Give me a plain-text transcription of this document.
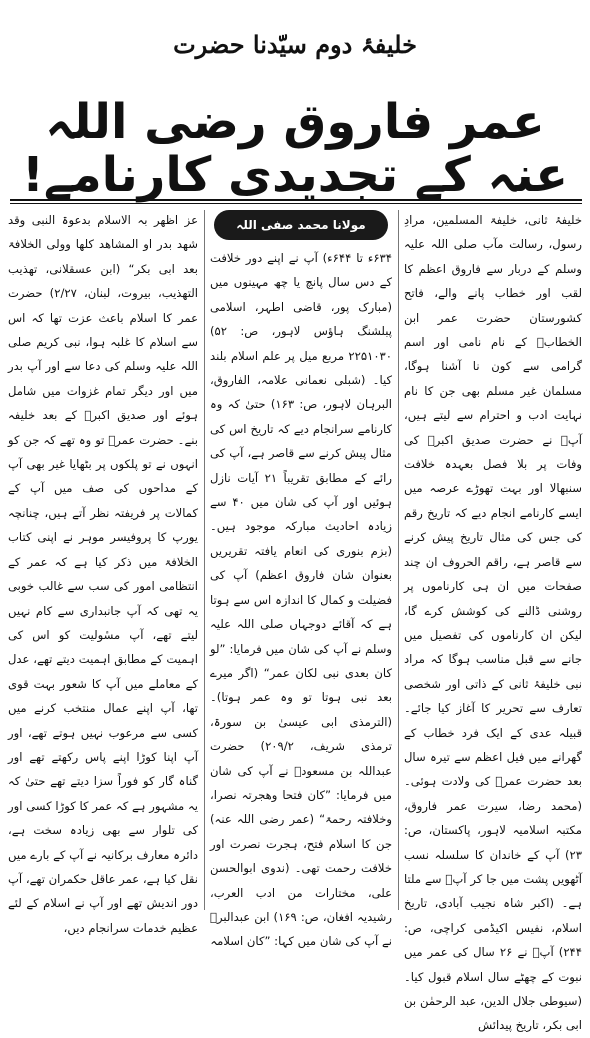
خلیفۂ دوم سیّدنا حضرت
عمر فاروق رضی اللہ عنہ کے تجدیدی کارنامے!

خلیفۂ ثانی، خلیفۃ المسلمین، مرادِ رسول، رسالت مآب صلی اللہ علیہ وسلم کے دربار سے فاروق اعظم کا لقب اور خطاب پانے والے، فاتح کشورستان حضرت عمر ابن الخطابؓ کے نام نامی اور اسم گرامی سے کون نا آشنا ہوگا، مسلمان غیر مسلم بھی جن کا نام نہایت ادب و احترام سے لیتے ہیں، آپؓ نے حضرت صدیق اکبرؓ کی وفات پر بلا فصل بعہدہ خلافت سنبھالا اور بہت تھوڑے عرصہ میں ایسے کارنامے انجام دیے کہ تاریخ رقم کی جس کی مثال تاریخ پیش کرنے سے قاصر ہے، راقم الحروف ان چند صفحات میں ان ہی کارناموں پر روشنی ڈالنے کی کوشش کرے گا، لیکن ان کارناموں کی تفصیل میں جانے سے قبل مناسب ہوگا کہ مراد نبی خلیفۂ ثانی کے ذاتی اور شخصی تعارف سے تحریر کا آغاز کیا جائے۔ قبیلہ عدی کے ایک فرد خطاب کے گھرانے میں فیل اعظم سے تیرہ سال بعد حضرت عمرؓ کی ولادت ہوئی۔ (محمد رضا، سیرت عمر فاروق، مکتبہ اسلامیہ لاہور، پاکستان، ص: ۲۳) آپ کے خاندان کا سلسلہ نسب آٹھویں پشت میں جا کر آپؐ سے ملتا ہے۔ (اکبر شاہ نجیب آبادی، تاریخ اسلام، نفیس اکیڈمی کراچی، ص: ۲۴۴) آپؓ نے ۲۶ سال کی عمر میں نبوت کے چھٹے سال اسلام قبول کیا۔ (سیوطی جلال الدین، عبد الرحمٰن بن ابی بکر، تاریخ پیدائش

مولانا محمد صفی اللہ

۶۳۴ء تا ۶۴۴ء) آپ نے اپنے دور خلافت کے دس سال پانچ یا چھ مہینوں میں (مبارک پور، قاضی اطہر، اسلامی پبلشنگ ہاؤس لاہور، ص: ۵۲) ۲۲۵۱۰۳۰ مربع میل پر علم اسلام بلند کیا۔ (شبلی نعمانی علامہ، الفاروق، البرہان لاہور، ص: ۱۶۳) حتیٰ کہ وہ کارنامے سرانجام دیے کہ تاریخ اس کی مثال پیش کرنے سے قاصر ہے، آپ کی رائے کے مطابق تقریباً ۲۱ آیات نازل ہوئیں اور آپ کی شان میں ۴۰ سے زیادہ احادیث مبارکہ موجود ہیں۔ (بزم بنوری کی انعام یافتہ تقریریں بعنوان شان فاروق اعظم) آپ کی فضیلت و کمال کا اندازہ اس سے ہوتا ہے کہ آقائے دوجہاں صلی اللہ علیہ وسلم نے آپ کی شان میں فرمایا: ”لو کان بعدی نبی لکان عمر“ (اگر میرے بعد نبی ہوتا تو وہ عمر ہوتا)۔ (الترمذی ابی عیسیٰ بن سورۃ، ترمذی شریف، ۲۰۹/۲) حضرت عبداللہ بن مسعودؓ نے آپ کی شان میں فرمایا: ”کان فتحا وھجرتہ نصرا، وخلافتہ رحمۃ“ (عمر رضی اللہ عنہ) جن کا اسلام فتح، ہجرت نصرت اور خلافت رحمت تھی۔ (ندوی ابوالحسن علی، مختارات من ادب العرب، رشیدیہ افغان، ص: ۱۶۹) ابن عبدالبرؒ نے آپ کی شان میں کہا: ”کان اسلامہ

عز اظھر بہ الاسلام بدعوۃ النبی وقد شھد بدر او المشاھد کلھا وولی الخلافۃ بعد ابی بکر“ (ابن عسقلانی، تھذیب التھذیب، بیروت، لبنان، ۲/۲۷) حضرت عمر کا اسلام باعث عزت تھا کہ اس سے اسلام کا غلبہ ہوا، نبی کریم صلی اللہ علیہ وسلم کی دعا سے اور آپ بدر میں اور دیگر تمام غزوات میں شامل ہوئے اور صدیق اکبرؓ کے بعد خلیفہ بنے۔ حضرت عمرؓ تو وہ تھے کہ جن کو انہوں نے تو پلکوں پر بٹھایا غیر بھی آپ کے مداحوں کی صف میں آپ کے کمالات پر فریفتہ نظر آتے ہیں، چنانچہ یورپ کا پروفیسر موہر نے اپنی کتاب الخلافۃ میں ذکر کیا ہے کہ عمر کے انتظامی امور کی سب سے غالب خوبی یہ تھی کہ آپ جانبداری سے کام نہیں لیتے تھے، آپ مسٔولیت کو اس کی اہمیت کے مطابق اہمیت دیتے تھے، عدل کے معاملے میں آپ کا شعور بہت قوی تھا، آپ اپنے عمال منتخب کرنے میں کسی سے مرعوب نہیں ہوتے تھے، اور آپ اپنا کوڑا اپنے پاس رکھتے تھے اور گناہ گار کو فوراً سزا دیتے تھے حتیٰ کہ یہ مشہور ہے کہ عمر کا کوڑا کسی اور کی تلوار سے بھی زیادہ سخت ہے، دائرہ معارف برکانیہ نے آپ کے بارے میں نقل کیا ہے، عمر عاقل حکمران تھے، آپ دور اندیش تھے اور آپ نے اسلام کے لئے عظیم خدمات سرانجام دیں،
